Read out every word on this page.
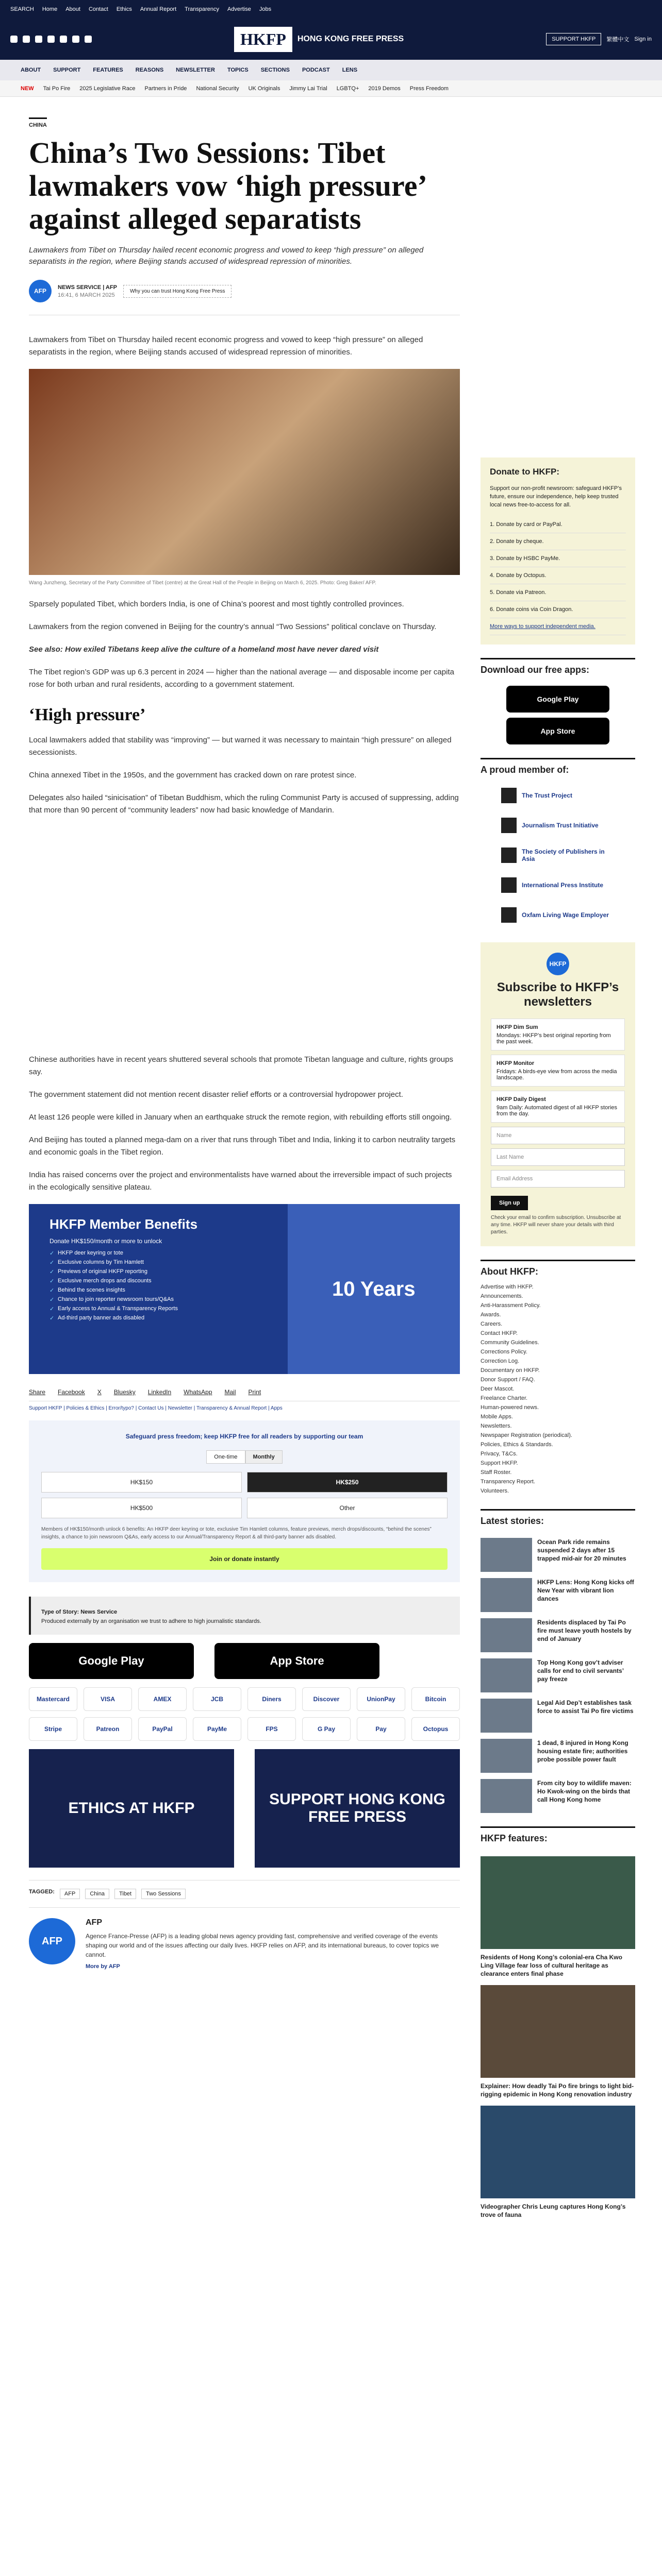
SEARCH Home About Contact Ethics Annual Report Transparency Advertise Jobs
HKFP	HONG KONG FREE PRESS	SUPPORT HKFP	繁體中文 Sign in
ABOUT SUPPORT FEATURES REASONS NEWSLETTER TOPICS SECTIONS PODCAST LENS
NEW Tai Po Fire 2025 Legislative Race Partners in Pride National Security UK Originals Jimmy Lai Trial LGBTQ+ 2019 Demos Press Freedom
CHINA
China’s Two Sessions: Tibet lawmakers vow ‘high pressure’ against alleged separatists
Lawmakers from Tibet on Thursday hailed recent economic progress and vowed to keep “high pressure” on alleged separatists in the region, where Beijing stands accused of widespread repression of minorities.
AFP
NEWS SERVICE | AFP
16:41, 6 MARCH 2025
Why you can trust Hong Kong Free Press

Lawmakers from Tibet on Thursday hailed recent economic progress and vowed to keep “high pressure” on alleged separatists in the region, where Beijing stands accused of widespread repression of minorities.

Wang Junzheng, Secretary of the Party Committee of Tibet (centre) at the Great Hall of the People in Beijing on March 6, 2025. Photo: Greg Baker/ AFP.

Sparsely populated Tibet, which borders India, is one of China’s poorest and most tightly controlled provinces.

Lawmakers from the region convened in Beijing for the country’s annual “Two Sessions” political conclave on Thursday.

See also: How exiled Tibetans keep alive the culture of a homeland most have never dared visit

The Tibet region’s GDP was up 6.3 percent in 2024 — higher than the national average — and disposable income per capita rose for both urban and rural residents, according to a government statement.

‘High pressure’

Local lawmakers added that stability was “improving” — but warned it was necessary to maintain “high pressure” on alleged secessionists.

China annexed Tibet in the 1950s, and the government has cracked down on rare protest since.

Delegates also hailed “sinicisation” of Tibetan Buddhism, which the ruling Communist Party is accused of suppressing, adding that more than 90 percent of “community leaders” now had basic knowledge of Mandarin.

Chinese authorities have in recent years shuttered several schools that promote Tibetan language and culture, rights groups say.

The government statement did not mention recent disaster relief efforts or a controversial hydropower project.

At least 126 people were killed in January when an earthquake struck the remote region, with rebuilding efforts still ongoing.

And Beijing has touted a planned mega-dam on a river that runs through Tibet and India, linking it to carbon neutrality targets and economic goals in the Tibet region.

India has raised concerns over the project and environmentalists have warned about the irreversible impact of such projects in the ecologically sensitive plateau.

HKFP Member Benefits
Donate HK$150/month or more to unlock
✓ HKFP deer keyring or tote
✓ Exclusive columns by Tim Hamlett
✓ Previews of original HKFP reporting
✓ Exclusive merch drops and discounts
✓ Behind the scenes insights
✓ Chance to join reporter newsroom tours/Q&As
✓ Early access to Annual & Transparency Reports
✓ Ad-third party banner ads disabled
10 Years
Share Facebook X Bluesky LinkedIn WhatsApp Mail Print
Support HKFP | Policies & Ethics | Error/typo? | Contact Us | Newsletter | Transparency & Annual Report | Apps
Safeguard press freedom; keep HKFP free for all readers by supporting our team
One-time	Monthly
HK$150	HK$250
HK$500	Other
Members of HK$150/month unlock 6 benefits: An HKFP deer keyring or tote, exclusive Tim Hamlett columns, feature previews, merch drops/discounts, “behind the scenes” insights, a chance to join newsroom Q&As, early access to our Annual/Transparency Report & all third-party banner ads disabled.
Join or donate instantly
Type of Story: News Service
Produced externally by an organisation we trust to adhere to high journalistic standards.
Google Play	App Store
Mastercard	VISA	AMEX	JCB	Diners	Discover	UnionPay	Bitcoin
Stripe	Patreon	PayPal	PayMe	FPS	G Pay	Pay	Octopus
ETHICS AT HKFP
SUPPORT HONG KONG FREE PRESS
TAGGED:	AFP	China	Tibet	Two Sessions
AFP
AFP

Agence France-Presse (AFP) is a leading global news agency providing fast, comprehensive and verified coverage of the events shaping our world and of the issues affecting our daily lives. HKFP relies on AFP, and its international bureaus, to cover topics we cannot.

More by AFP
Donate to HKFP:

Support our non-profit newsroom: safeguard HKFP’s future, ensure our independence, help keep trusted local news free-to-access for all.

1. Donate by card or PayPal.
2. Donate by cheque.
3. Donate by HSBC PayMe.
4. Donate by Octopus.
5. Donate via Patreon.
6. Donate coins via Coin Dragon.
More ways to support independent media.
Download our free apps:
Google Play
App Store
A proud member of:
The Trust Project
Journalism Trust Initiative
The Society of Publishers in Asia
International Press Institute
Oxfam Living Wage Employer
HKFP
Subscribe to HKFP’s newsletters
HKFP Dim Sum
Mondays: HKFP’s best original reporting from the past week.
HKFP Monitor
Fridays: A birds-eye view from across the media landscape.
HKFP Daily Digest
9am Daily: Automated digest of all HKFP stories from the day.
Name
Last Name
Email Address
Sign up

Check your email to confirm subscription. Unsubscribe at any time. HKFP will never share your details with third parties.

About HKFP:
Advertise with HKFP.
Announcements.
Anti-Harassment Policy.
Awards.
Careers.
Contact HKFP.
Community Guidelines.
Corrections Policy.
Correction Log.
Documentary on HKFP.
Donor Support / FAQ.
Deer Mascot.
Freelance Charter.
Human-powered news.
Mobile Apps.
Newsletters.
Newspaper Registration (periodical).
Policies, Ethics & Standards.
Privacy, T&Cs.
Support HKFP.
Staff Roster.
Transparency Report.
Volunteers.
Latest stories:
Ocean Park ride remains suspended 2 days after 15 trapped mid-air for 20 minutes
HKFP Lens: Hong Kong kicks off New Year with vibrant lion dances
Residents displaced by Tai Po fire must leave youth hostels by end of January
Top Hong Kong gov’t adviser calls for end to civil servants’ pay freeze
Legal Aid Dep’t establishes task force to assist Tai Po fire victims
1 dead, 8 injured in Hong Kong housing estate fire; authorities probe possible power fault
From city boy to wildlife maven: Ho Kwok-wing on the birds that call Hong Kong home
HKFP features:
Residents of Hong Kong’s colonial-era Cha Kwo Ling Village fear loss of cultural heritage as clearance enters final phase
Explainer: How deadly Tai Po fire brings to light bid-rigging epidemic in Hong Kong renovation industry
Videographer Chris Leung captures Hong Kong’s trove of fauna
